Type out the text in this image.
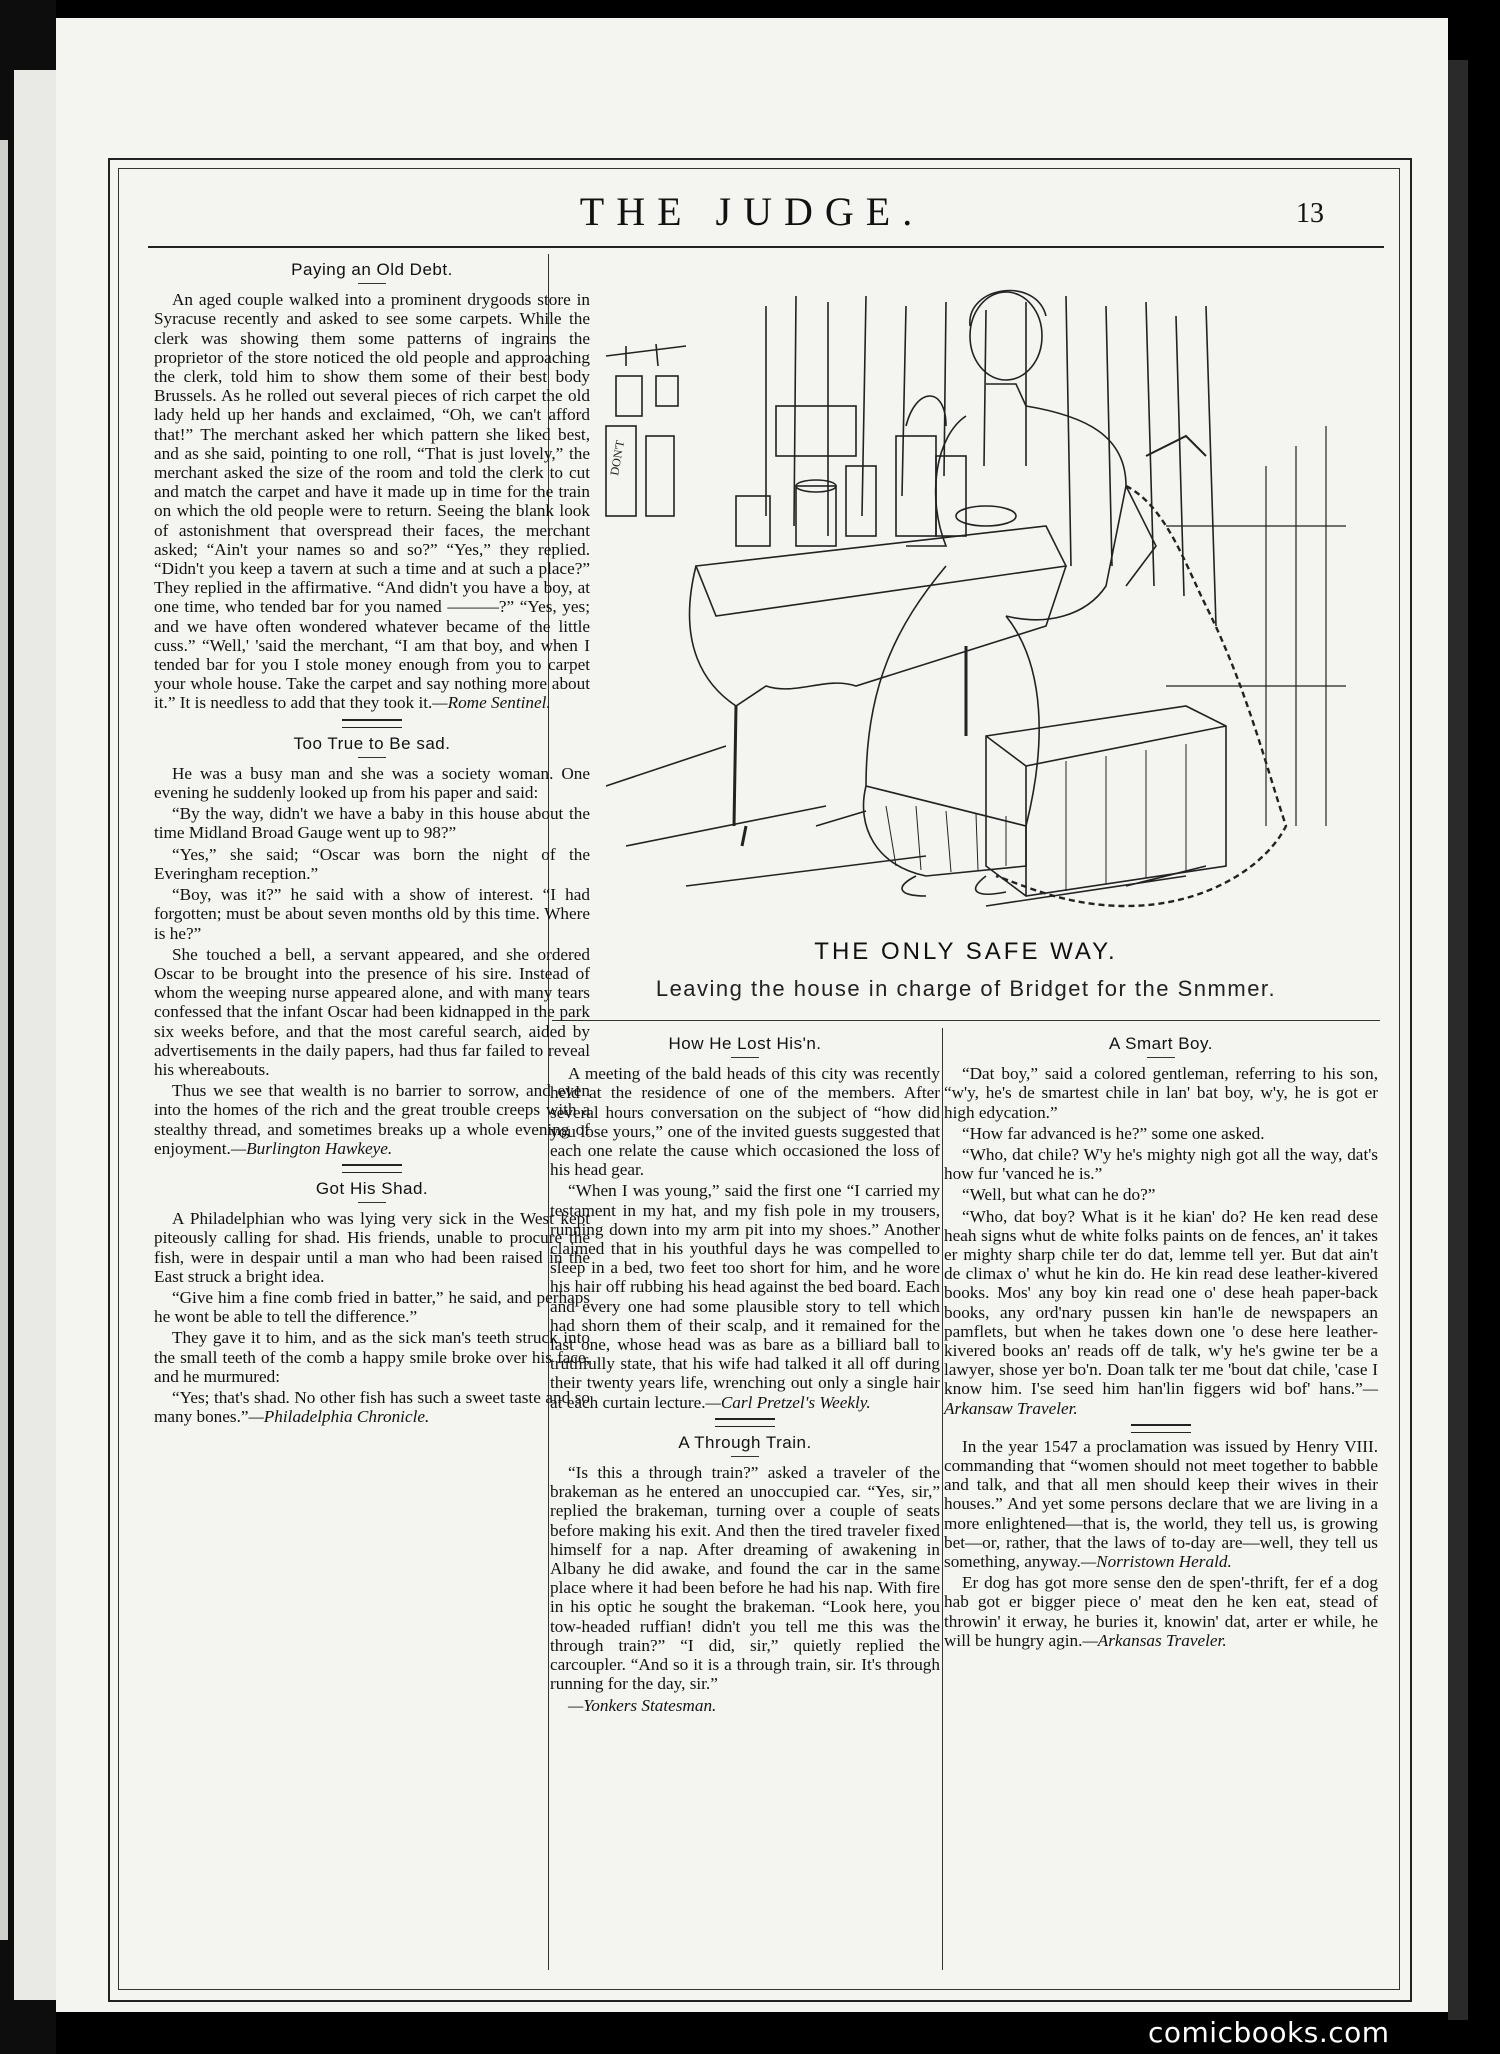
THE JUDGE.	13
Paying an Old Debt.

An aged couple walked into a prominent drygoods store in Syracuse recently and asked to see some carpets. While the clerk was showing them some patterns of ingrains the proprietor of the store noticed the old people and approaching the clerk, told him to show them some of their best body Brussels. As he rolled out several pieces of rich carpet the old lady held up her hands and exclaimed, “Oh, we can't afford that!” The merchant asked her which pattern she liked best, and as she said, pointing to one roll, “That is just lovely,” the merchant asked the size of the room and told the clerk to cut and match the carpet and have it made up in time for the train on which the old people were to return. Seeing the blank look of astonishment that overspread their faces, the merchant asked; “Ain't your names so and so?” “Yes,” they replied. “Didn't you keep a tavern at such a time and at such a place?” They replied in the affirmative. “And didn't you have a boy, at one time, who tended bar for you named ———?” “Yes, yes; and we have often wondered whatever became of the little cuss.” “Well,' 'said the merchant, “I am that boy, and when I tended bar for you I stole money enough from you to carpet your whole house. Take the carpet and say nothing more about it.” It is needless to add that they took it.—Rome Sentinel.

Too True to Be sad.

He was a busy man and she was a society woman. One evening he suddenly looked up from his paper and said:

“By the way, didn't we have a baby in this house about the time Midland Broad Gauge went up to 98?”

“Yes,” she said; “Oscar was born the night of the Everingham reception.”

“Boy, was it?” he said with a show of interest. “I had forgotten; must be about seven months old by this time. Where is he?”

She touched a bell, a servant appeared, and she ordered Oscar to be brought into the presence of his sire. Instead of whom the weeping nurse appeared alone, and with many tears confessed that the infant Oscar had been kidnapped in the park six weeks before, and that the most careful search, aided by advertisements in the daily papers, had thus far failed to reveal his whereabouts.

Thus we see that wealth is no barrier to sorrow, and even into the homes of the rich and the great trouble creeps with a stealthy thread, and sometimes breaks up a whole evening of enjoyment.—Burlington Hawkeye.

Got His Shad.

A Philadelphian who was lying very sick in the West kept piteously calling for shad. His friends, unable to procure the fish, were in despair until a man who had been raised in the East struck a bright idea.

“Give him a fine comb fried in batter,” he said, and perhaps he wont be able to tell the difference.”

They gave it to him, and as the sick man's teeth struck into the small teeth of the comb a happy smile broke over his face, and he murmured:

“Yes; that's shad. No other fish has such a sweet taste and so many bones.”—Philadelphia Chronicle.

DON'T
THE ONLY SAFE WAY.
Leaving the house in charge of Bridget for the Snmmer.
How He Lost His'n.

A meeting of the bald heads of this city was recently held at the residence of one of the members. After several hours conversation on the subject of “how did you lose yours,” one of the invited guests suggested that each one relate the cause which occasioned the loss of his head gear.

“When I was young,” said the first one “I carried my testament in my hat, and my fish pole in my trousers, running down into my arm pit into my shoes.” Another claimed that in his youthful days he was compelled to sleep in a bed, two feet too short for him, and he wore his hair off rubbing his head against the bed board. Each and every one had some plausible story to tell which had shorn them of their scalp, and it remained for the last one, whose head was as bare as a billiard ball to truthfully state, that his wife had talked it all off during their twenty years life, wrenching out only a single hair at each curtain lecture.—Carl Pretzel's Weekly.

A Through Train.

“Is this a through train?” asked a traveler of the brakeman as he entered an unoccupied car. “Yes, sir,” replied the brakeman, turning over a couple of seats before making his exit. And then the tired traveler fixed himself for a nap. After dreaming of awakening in Albany he did awake, and found the car in the same place where it had been before he had his nap. With fire in his optic he sought the brakeman. “Look here, you tow-headed ruffian! didn't you tell me this was the through train?” “I did, sir,” quietly replied the carcoupler. “And so it is a through train, sir. It's through running for the day, sir.”

—Yonkers Statesman.

A Smart Boy.

“Dat boy,” said a colored gentleman, referring to his son, “w'y, he's de smartest chile in lan' bat boy, w'y, he is got er high edycation.”

“How far advanced is he?” some one asked.

“Who, dat chile? W'y he's mighty nigh got all the way, dat's how fur 'vanced he is.”

“Well, but what can he do?”

“Who, dat boy? What is it he kian' do? He ken read dese heah signs whut de white folks paints on de fences, an' it takes er mighty sharp chile ter do dat, lemme tell yer. But dat ain't de climax o' whut he kin do. He kin read dese leather-kivered books. Mos' any boy kin read one o' dese heah paper-back books, any ord'nary pussen kin han'le de newspapers an pamflets, but when he takes down one 'o dese here leather-kivered books an' reads off de talk, w'y he's gwine ter be a lawyer, shose yer bo'n. Doan talk ter me 'bout dat chile, 'case I know him. I'se seed him han'lin figgers wid bof' hans.”—Arkansaw Traveler.

In the year 1547 a proclamation was issued by Henry VIII. commanding that “women should not meet together to babble and talk, and that all men should keep their wives in their houses.” And yet some persons declare that we are living in a more enlightened—that is, the world, they tell us, is growing bet—or, rather, that the laws of to-day are—well, they tell us something, anyway.—Norristown Herald.

Er dog has got more sense den de spen'-thrift, fer ef a dog hab got er bigger piece o' meat den he ken eat, stead of throwin' it erway, he buries it, knowin' dat, arter er while, he will be hungry agin.—Arkansas Traveler.

comicbooks.com
